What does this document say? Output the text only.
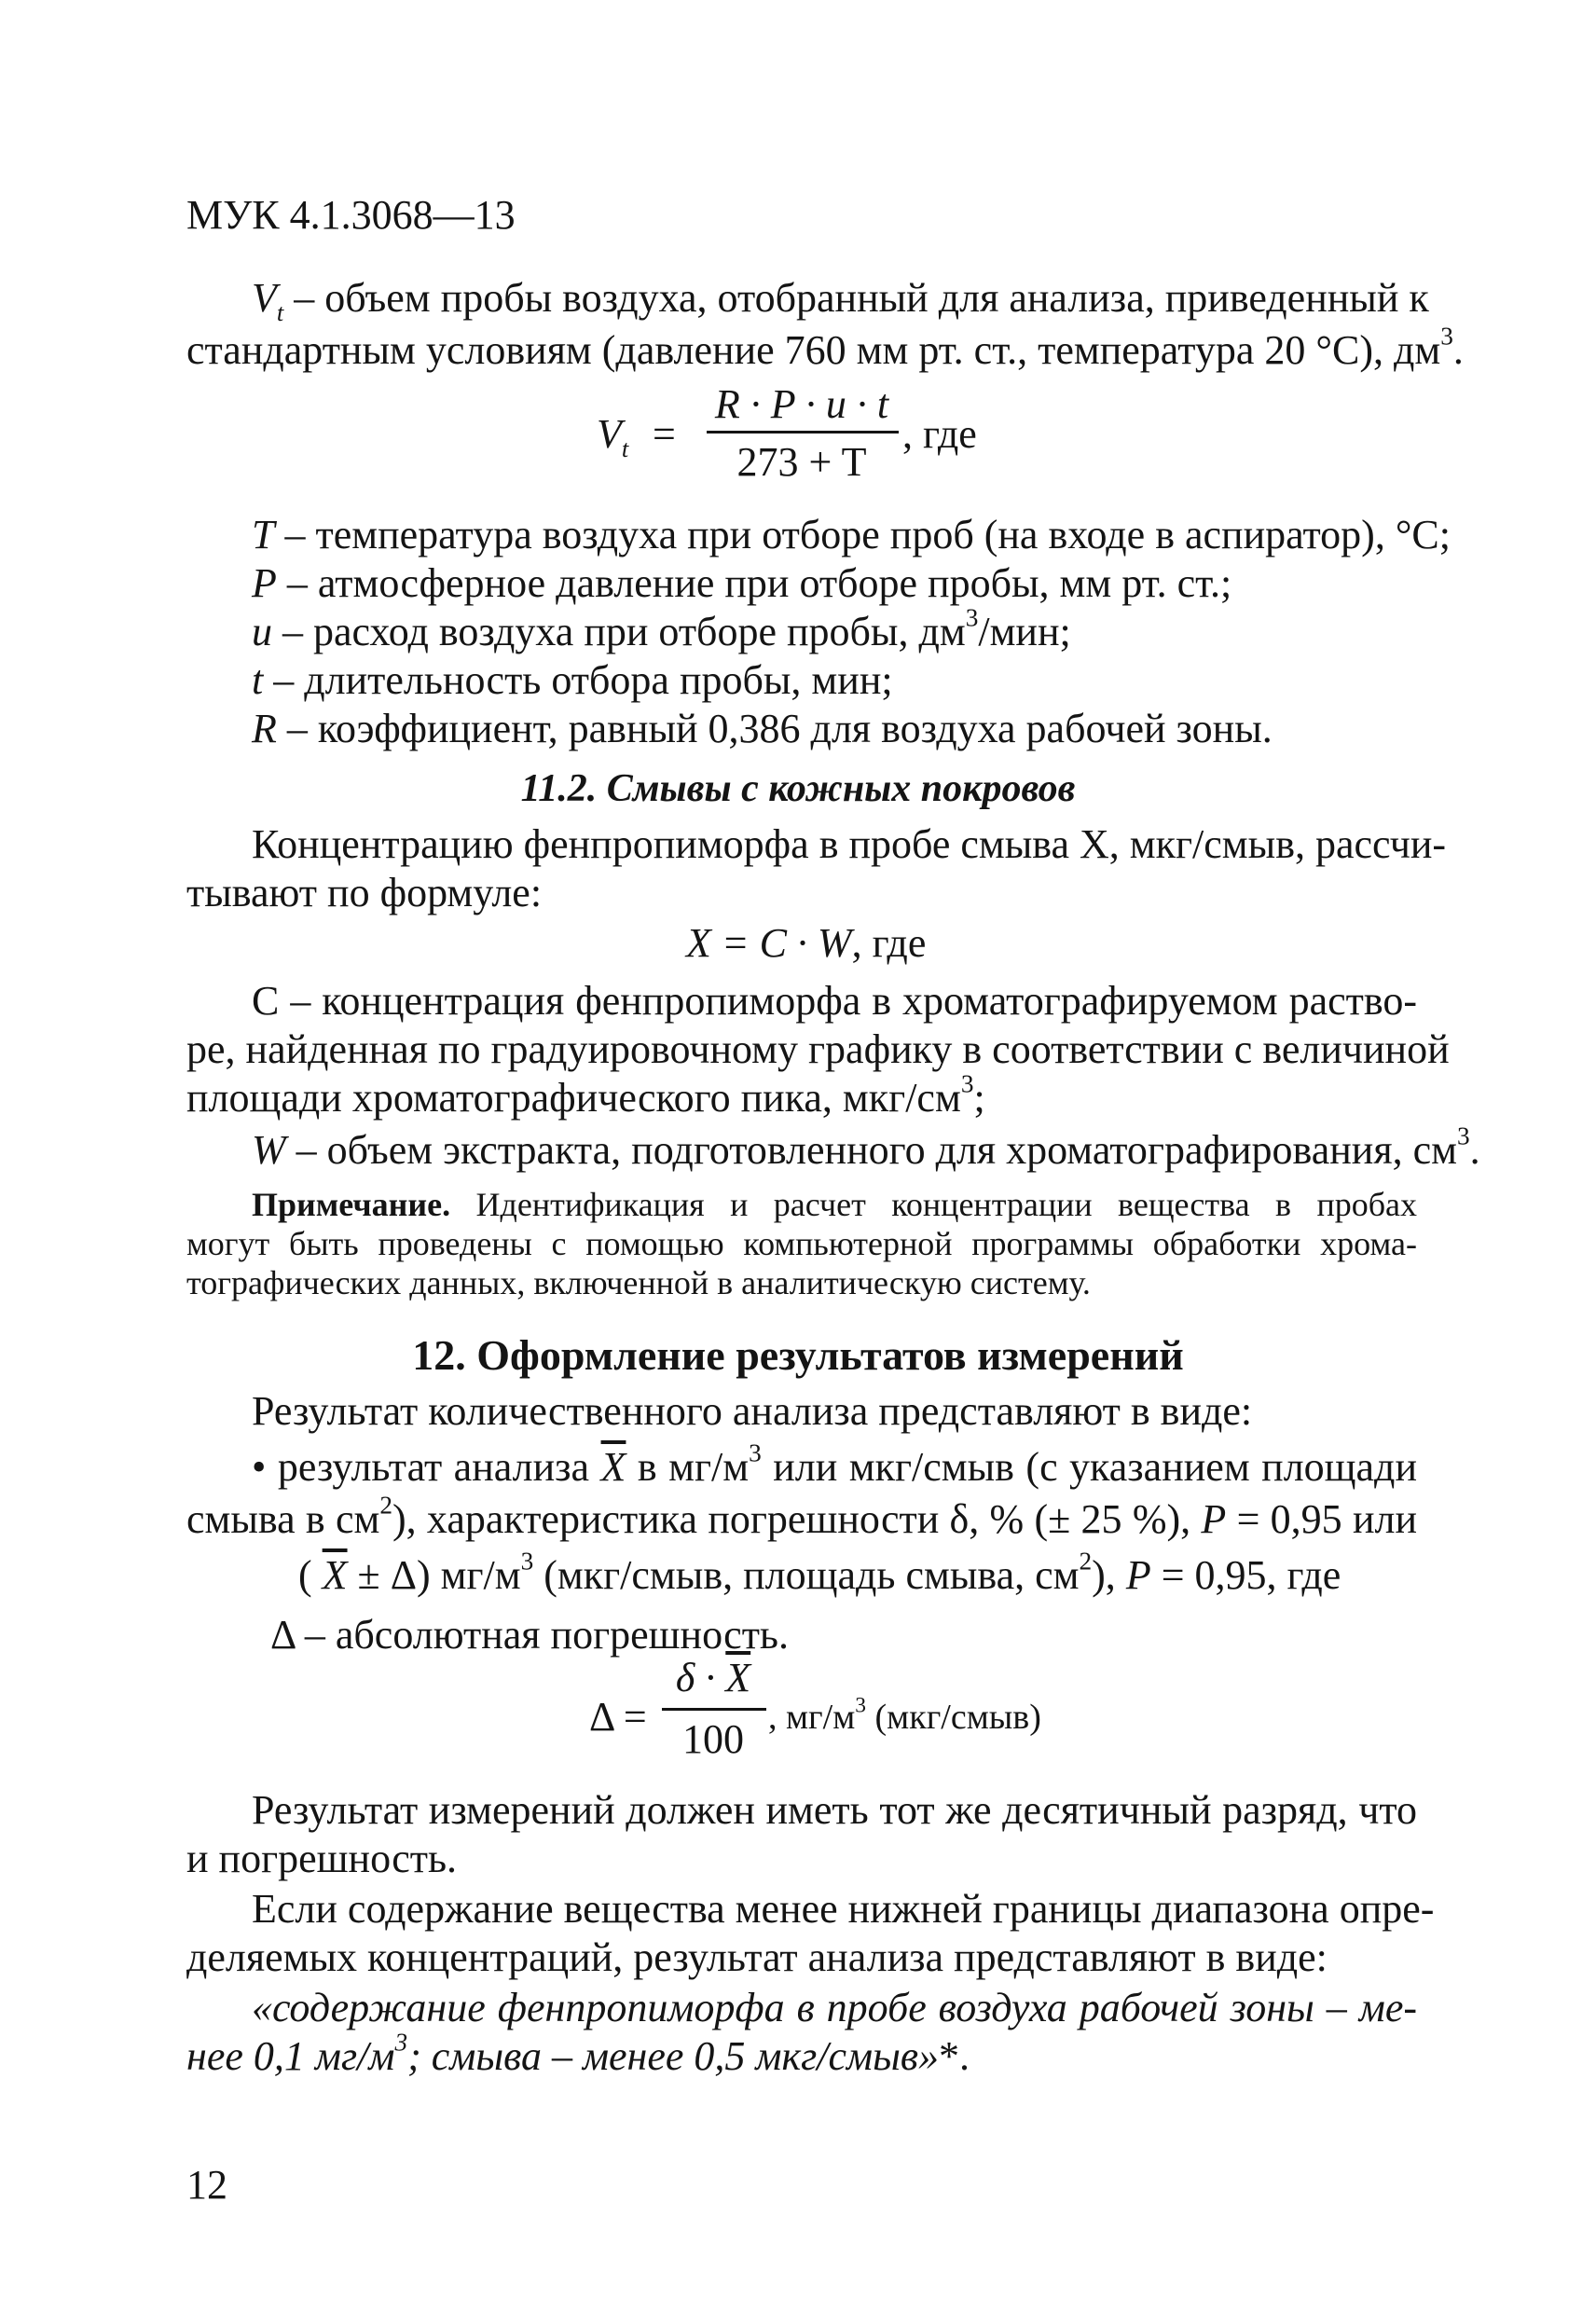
МУК 4.1.3068—13
$V_t$ – объем пробы воздуха, отобранный для анализа, приведенный к
стандартным условиям (давление 760 мм рт. ст., температура 20 °С), $дм^3$.
$V_t$ =
R · P · u · t
273 + T
, где
T – температура воздуха при отборе проб (на входе в аспиратор), °С;
P – атмосферное давление при отборе пробы, мм рт. ст.;
u – расход воздуха при отборе пробы, $дм^3$/мин;
t – длительность отбора пробы, мин;
R – коэффициент, равный 0,386 для воздуха рабочей зоны.
11.2. Смывы с кожных покровов
Концентрацию фенпропиморфа в пробе смыва X, мкг/смыв, рассчи-
тывают по формуле:
X = C · W, где
C – концентрация фенпропиморфа в хроматографируемом раство-
ре, найденная по градуировочному графику в соответствии с величиной
площади хроматографического пика, мкг/$см^3$;
W – объем экстракта, подготовленного для хроматографирования, $см^3$.
Примечание. Идентификация и расчет концентрации вещества в пробах
могут быть проведены с помощью компьютерной программы обработки хрома-
тографических данных, включенной в аналитическую систему.
12. Оформление результатов измерений
Результат количественного анализа представляют в виде:
• результат анализа $\overline{X}$ в $мг/м^3$ или мкг/смыв (с указанием площади
смыва в $см^2$), характеристика погрешности δ, % (± 25 %), P = 0,95 или
( $\overline{X} \pm \Delta$) $мг/м^3$ (мкг/смыв, площадь смыва, $см^2$), P = 0,95, где
Δ – абсолютная погрешность.
Δ =
$\delta \cdot \overline{X}$
100 , $мг/м^3$ (мкг/смыв)
Результат измерений должен иметь тот же десятичный разряд, что
и погрешность.
Если содержание вещества менее нижней границы диапазона опре-
деляемых концентраций, результат анализа представляют в виде:
«содержание фенпропиморфа в пробе воздуха рабочей зоны – ме-
нее 0,1 $мг/м^3$; смыва – менее 0,5 мкг/смыв»*.
12
